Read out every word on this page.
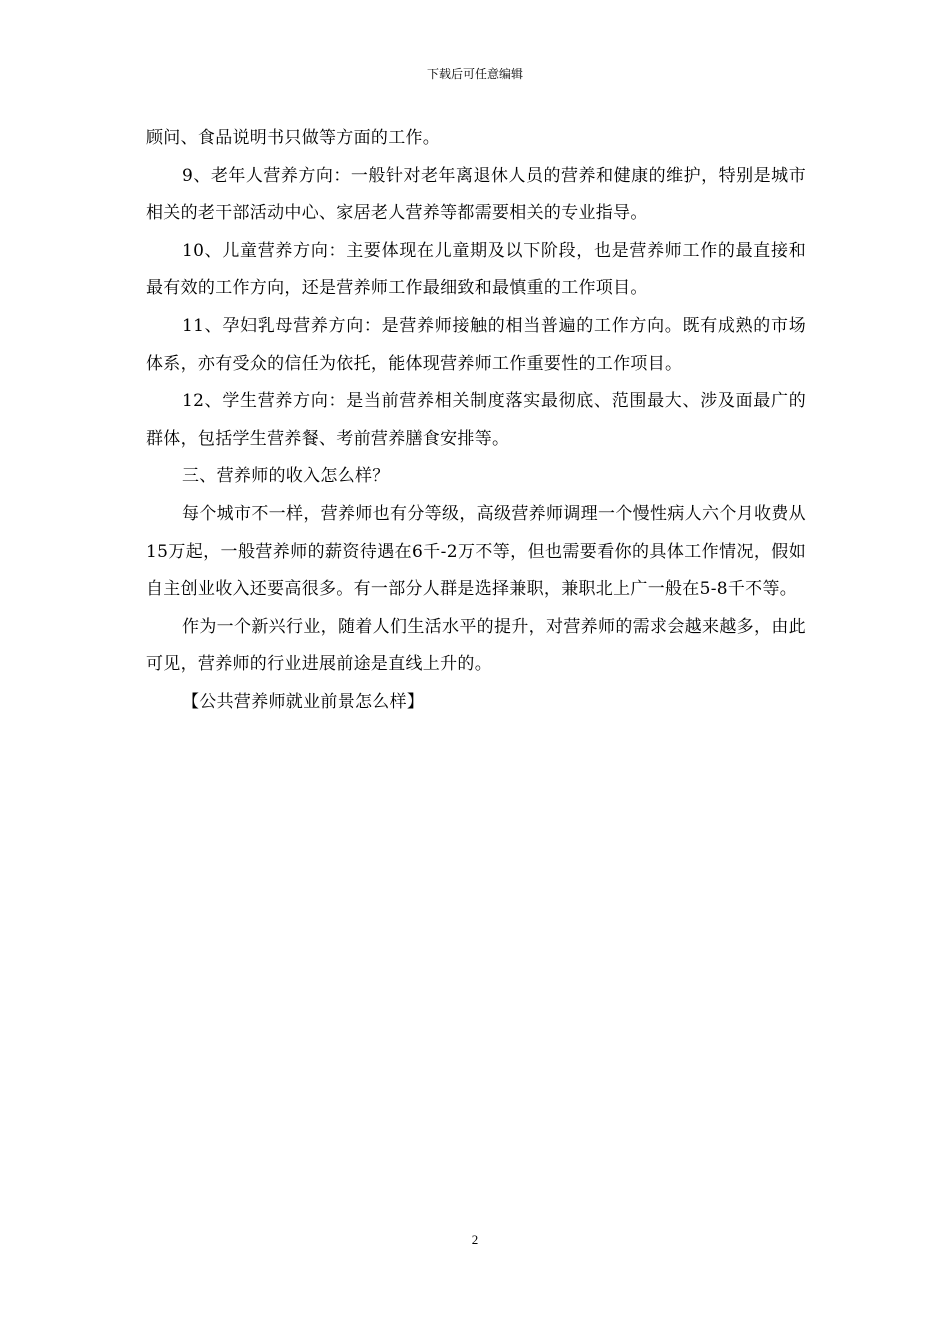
下载后可任意编辑

顾问、食品说明书只做等方面的工作。

9、老年人营养方向：一般针对老年离退休人员的营养和健康的维护，特别是城市相关的老干部活动中心、家居老人营养等都需要相关的专业指导。

10、儿童营养方向：主要体现在儿童期及以下阶段，也是营养师工作的最直接和最有效的工作方向，还是营养师工作最细致和最慎重的工作项目。

11、孕妇乳母营养方向：是营养师接触的相当普遍的工作方向。既有成熟的市场体系，亦有受众的信任为依托，能体现营养师工作重要性的工作项目。

12、学生营养方向：是当前营养相关制度落实最彻底、范围最大、涉及面最广的群体，包括学生营养餐、考前营养膳食安排等。

三、营养师的收入怎么样？

每个城市不一样，营养师也有分等级，高级营养师调理一个慢性病人六个月收费从15万起，一般营养师的薪资待遇在6千-2万不等，但也需要看你的具体工作情况，假如自主创业收入还要高很多。有一部分人群是选择兼职，兼职北上广一般在5-8千不等。

作为一个新兴行业，随着人们生活水平的提升，对营养师的需求会越来越多，由此可见，营养师的行业进展前途是直线上升的。

【公共营养师就业前景怎么样】

2
